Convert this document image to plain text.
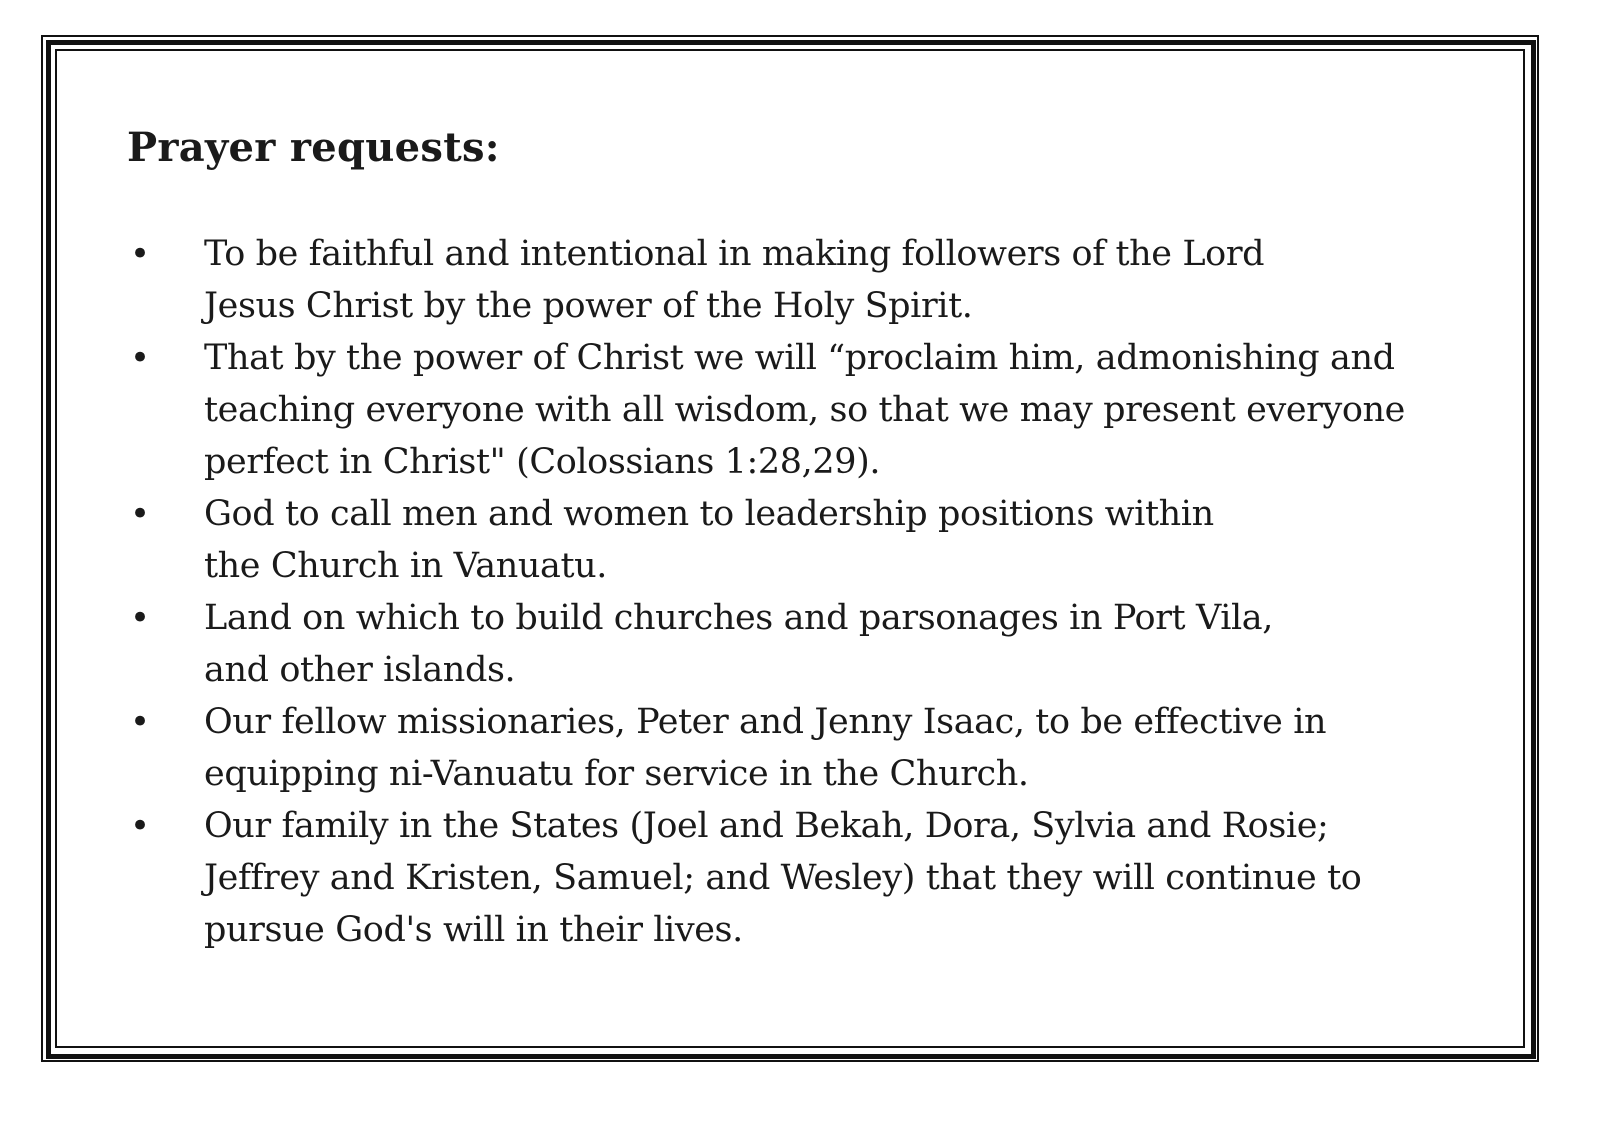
Prayer requests:
• To be faithful and intentional in making followers of the Lord
Jesus Christ by the power of the Holy Spirit.
• That by the power of Christ we will “proclaim him, admonishing and
teaching everyone with all wisdom, so that we may present everyone
perfect in Christ" (Colossians 1:28,29).
• God to call men and women to leadership positions within
the Church in Vanuatu.
• Land on which to build churches and parsonages in Port Vila,
and other islands.
• Our fellow missionaries, Peter and Jenny Isaac, to be effective in
equipping ni-Vanuatu for service in the Church.
• Our family in the States (Joel and Bekah, Dora, Sylvia and Rosie;
Jeffrey and Kristen, Samuel; and Wesley) that they will continue to
pursue God's will in their lives.
